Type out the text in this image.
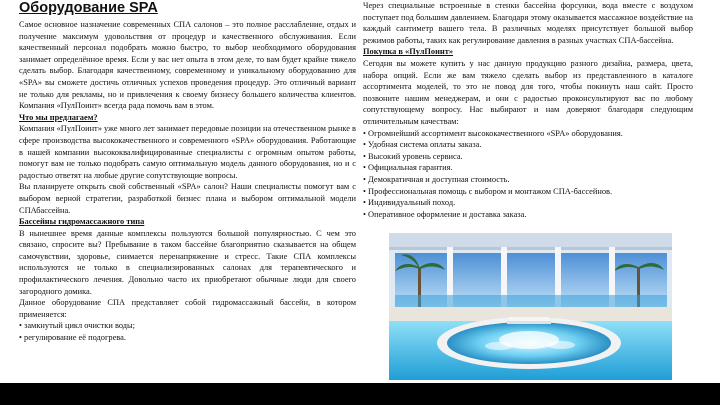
Оборудование SPA

Самое основное назначение современных СПА салонов – это полное расслабление, отдых и получение максимум удовольствия от процедур и качественного обслуживания. Если качественный персонал подобрать можно быстро, то выбор необходимого оборудования занимает определённое время. Если у вас нет опыта в этом деле, то вам будет крайне тяжело сделать выбор. Благодаря качественному, современному и уникальному оборудованию для «SPA» вы сможете достичь отличных успехов проведения процедур. Это отличный вариант не только для рекламы, но и привлечения к своему бизнесу большего количества клиентов. Компания «ПулПоинт» всегда рада помочь вам в этом.

Что мы предлагаем?

Компания «ПулПоинт» уже много лет занимает передовые позиции на отечественном рынке в сфере производства высококачественного и современного «SPA» оборудования. Работающие в нашей компании высококвалифицированные специалисты с огромным опытом работы, помогут вам не только подобрать самую оптимальную модель данного оборудования, но и с радостью ответят на любые другие сопутствующие вопросы.

Вы планируете открыть свой собственный «SPA» салон? Наши специалисты помогут вам с выбором верной стратегии, разработкой бизнес плана и выбором оптимальной модели СПАбассейна.

Бассейны гидромассажного типа

В нынешнее время данные комплексы пользуются большой популярностью. С чем это связано, спросите вы? Пребывание в таком бассейне благоприятно сказывается на общем самочувствии, здоровье, снимается перенапряжение и стресс. Такие СПА комплексы используются не только в специализированных салонах для терапевтического и профилактического лечения. Довольно часто их приобретают обычные люди для своего загородного домика.

Данное оборудование СПА представляет собой гидромассажный бассейн, в котором применяется:

• замкнутый цикл очистки воды;
• регулирование её подогрева.

Через специальные встроенные в стенки бассейна форсунки, вода вместе с воздухом поступает под большим давлением. Благодаря этому оказывается массажное воздействие на каждый сантиметр вашего тела. В различных моделях присутствует большой выбор режимов работы, таких как регулирование давления в разных участках СПА-бассейна.

Покупка в «ПулПоинт»

Сегодня вы можете купить у нас данную продукцию разного дизайна, размера, цвета, набора опций. Если же вам тяжело сделать выбор из представленного в каталоге ассортимента моделей, то это не повод для того, чтобы покинуть наш сайт. Просто позвоните нашим менеджерам, и они с радостью проконсультируют вас по любому сопутствующему вопросу. Нас выбирают и нам доверяют благодаря следующим отличительным качествам:

• Огромнейший ассортимент высококачественного «SPA» оборудования.
• Удобная система оплаты заказа.
• Высокий уровень сервиса.
• Официальная гарантия.
• Демократичная и доступная стоимость.
• Профессиональная помощь с выбором и монтажом СПА-бассейнов.
• Индивидуальный поход.
• Оперативное оформление и доставка заказа.
